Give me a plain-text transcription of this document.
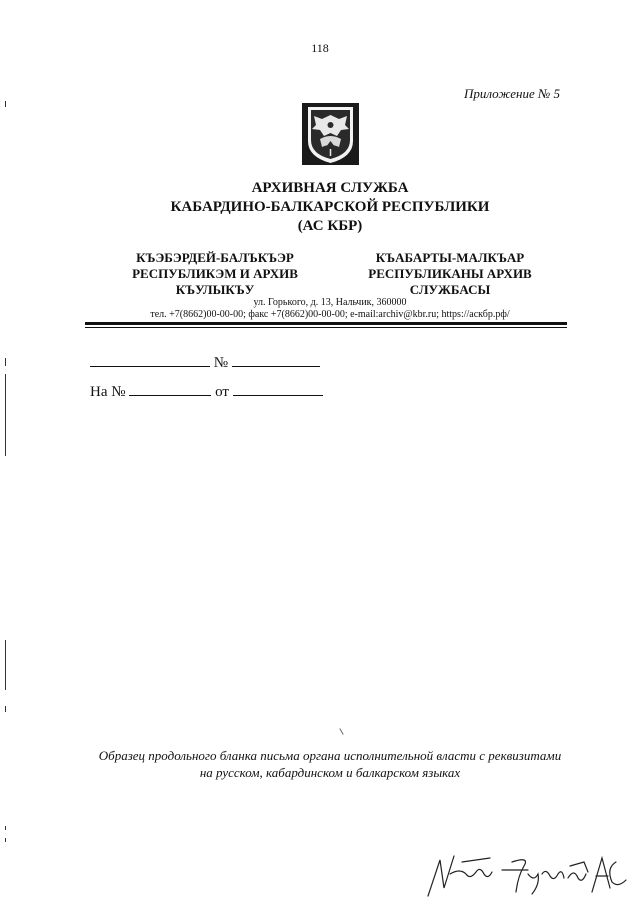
118
Приложение № 5
АРХИВНАЯ СЛУЖБА
КАБАРДИНО-БАЛКАРСКОЙ РЕСПУБЛИКИ
(АС КБР)
КЪЭБЭРДЕЙ-БАЛЪКЪЭР
РЕСПУБЛИКЭМ И АРХИВ
КЪУЛЫКЪУ
КЪАБАРТЫ-МАЛКЪАР
РЕСПУБЛИКАНЫ АРХИВ
СЛУЖБАСЫ
ул. Горького, д. 13, Нальчик, 360000
тел. +7(8662)00-00-00; факс +7(8662)00-00-00; e-mail:archiv@kbr.ru; https://аскбр.рф/
№
На №	от
Образец продольного бланка письма органа исполнительной власти с реквизитами
на русском, кабардинском и балкарском языках
